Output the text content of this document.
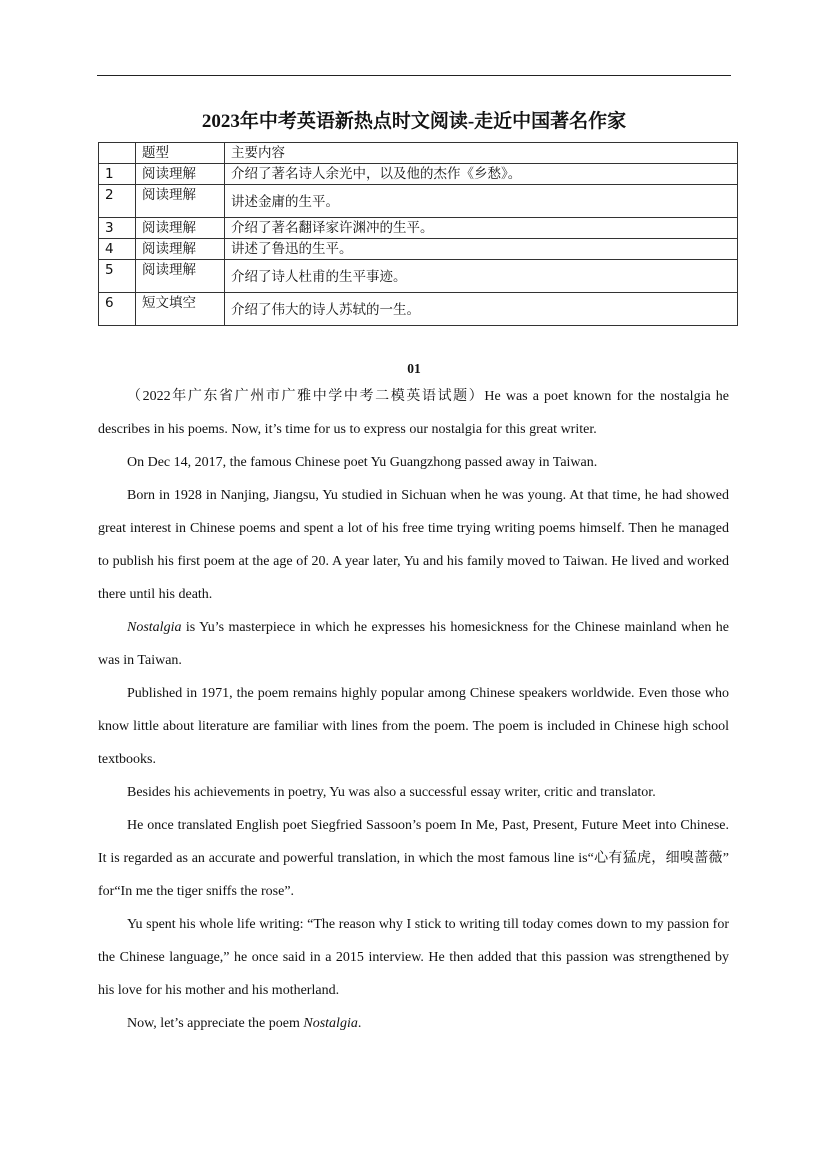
2023年中考英语新热点时文阅读-走近中国著名作家
	题型	主要内容
1	阅读理解	介绍了著名诗人余光中，以及他的杰作《乡愁》。
2	阅读理解	讲述金庸的生平。
3	阅读理解	介绍了著名翻译家许渊冲的生平。
4	阅读理解	讲述了鲁迅的生平。
5	阅读理解	介绍了诗人杜甫的生平事迹。
6	短文填空	介绍了伟大的诗人苏轼的一生。
01

（2022年广东省广州市广雅中学中考二模英语试题）He was a poet known for the nostalgia he describes in his poems. Now, it’s time for us to express our nostalgia for this great writer.

On Dec 14, 2017, the famous Chinese poet Yu Guangzhong passed away in Taiwan.

Born in 1928 in Nanjing, Jiangsu, Yu studied in Sichuan when he was young. At that time, he had showed great interest in Chinese poems and spent a lot of his free time trying writing poems himself. Then he managed to publish his first poem at the age of 20. A year later, Yu and his family moved to Taiwan. He lived and worked there until his death.

Nostalgia is Yu’s masterpiece in which he expresses his homesickness for the Chinese mainland when he was in Taiwan.

Published in 1971, the poem remains highly popular among Chinese speakers worldwide. Even those who know little about literature are familiar with lines from the poem. The poem is included in Chinese high school textbooks.

Besides his achievements in poetry, Yu was also a successful essay writer, critic and translator.

He once translated English poet Siegfried Sassoon’s poem In Me, Past, Present, Future Meet into Chinese. It is regarded as an accurate and powerful translation, in which the most famous line is“心有猛虎，细嗅蔷薇” for“In me the tiger sniffs the rose”.

Yu spent his whole life writing: “The reason why I stick to writing till today comes down to my passion for the Chinese language,” he once said in a 2015 interview. He then added that this passion was strengthened by his love for his mother and his motherland.

Now, let’s appreciate the poem Nostalgia.
